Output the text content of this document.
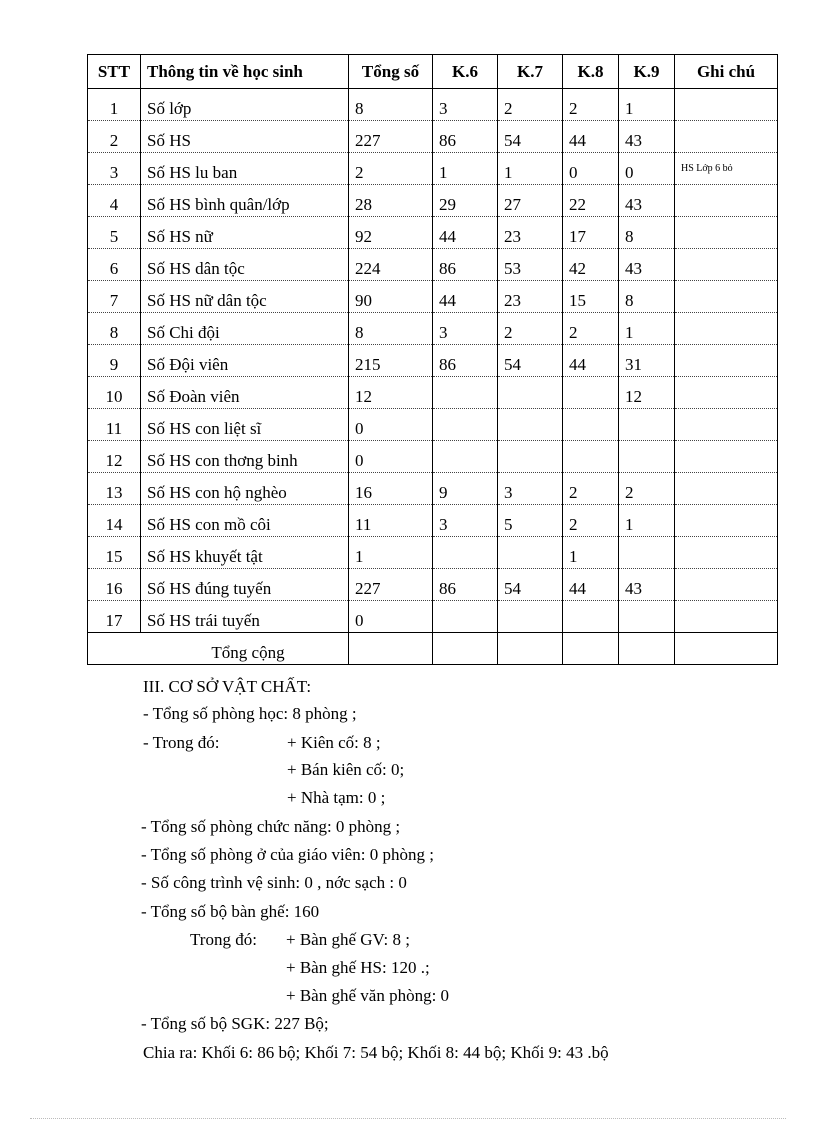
STT	Thông tin về học sinh	Tổng số	K.6	K.7	K.8	K.9	Ghi chú
1	Số lớp	8	3	2	2	1	
2	Số HS	227	86	54	44	43	
3	Số HS lu ban	2	1	1	0	0	HS Lớp 6 bỏ
4	Số HS bình quân/lớp	28	29	27	22	43	
5	Số HS nữ	92	44	23	17	8	
6	Số HS dân tộc	224	86	53	42	43	
7	Số HS nữ dân tộc	90	44	23	15	8	
8	Số Chi đội	8	3	2	2	1	
9	Số Đội viên	215	86	54	44	31	
10	Số Đoàn viên	12				12	
11	Số HS con liệt sĩ	0					
12	Số HS con thơng binh	0					
13	Số HS con hộ nghèo	16	9	3	2	2	
14	Số HS con mồ côi	11	3	5	2	1	
15	Số HS khuyết tật	1			1		
16	Số HS đúng tuyến	227	86	54	44	43	
17	Số HS trái tuyến	0					
Tổng cộng							
III. CƠ SỞ VẬT CHẤT:
- Tổng số phòng học: 8 phòng ;
- Trong đó:	+ Kiên cố: 8 ;
+ Bán kiên cố: 0;
+ Nhà tạm: 0 ;
- Tổng số phòng chức năng: 0 phòng ;
- Tổng số phòng ở của giáo viên: 0 phòng ;
- Số công trình vệ sinh: 0 , nớc sạch : 0
- Tổng số bộ bàn ghế: 160
Trong đó: + Bàn ghế GV: 8 ;
+ Bàn ghế HS: 120 .;
+ Bàn ghế văn phòng: 0
- Tổng số bộ SGK: 227 Bộ;
Chia ra: Khối 6: 86 bộ; Khối 7: 54 bộ; Khối 8: 44 bộ; Khối 9: 43 .bộ
